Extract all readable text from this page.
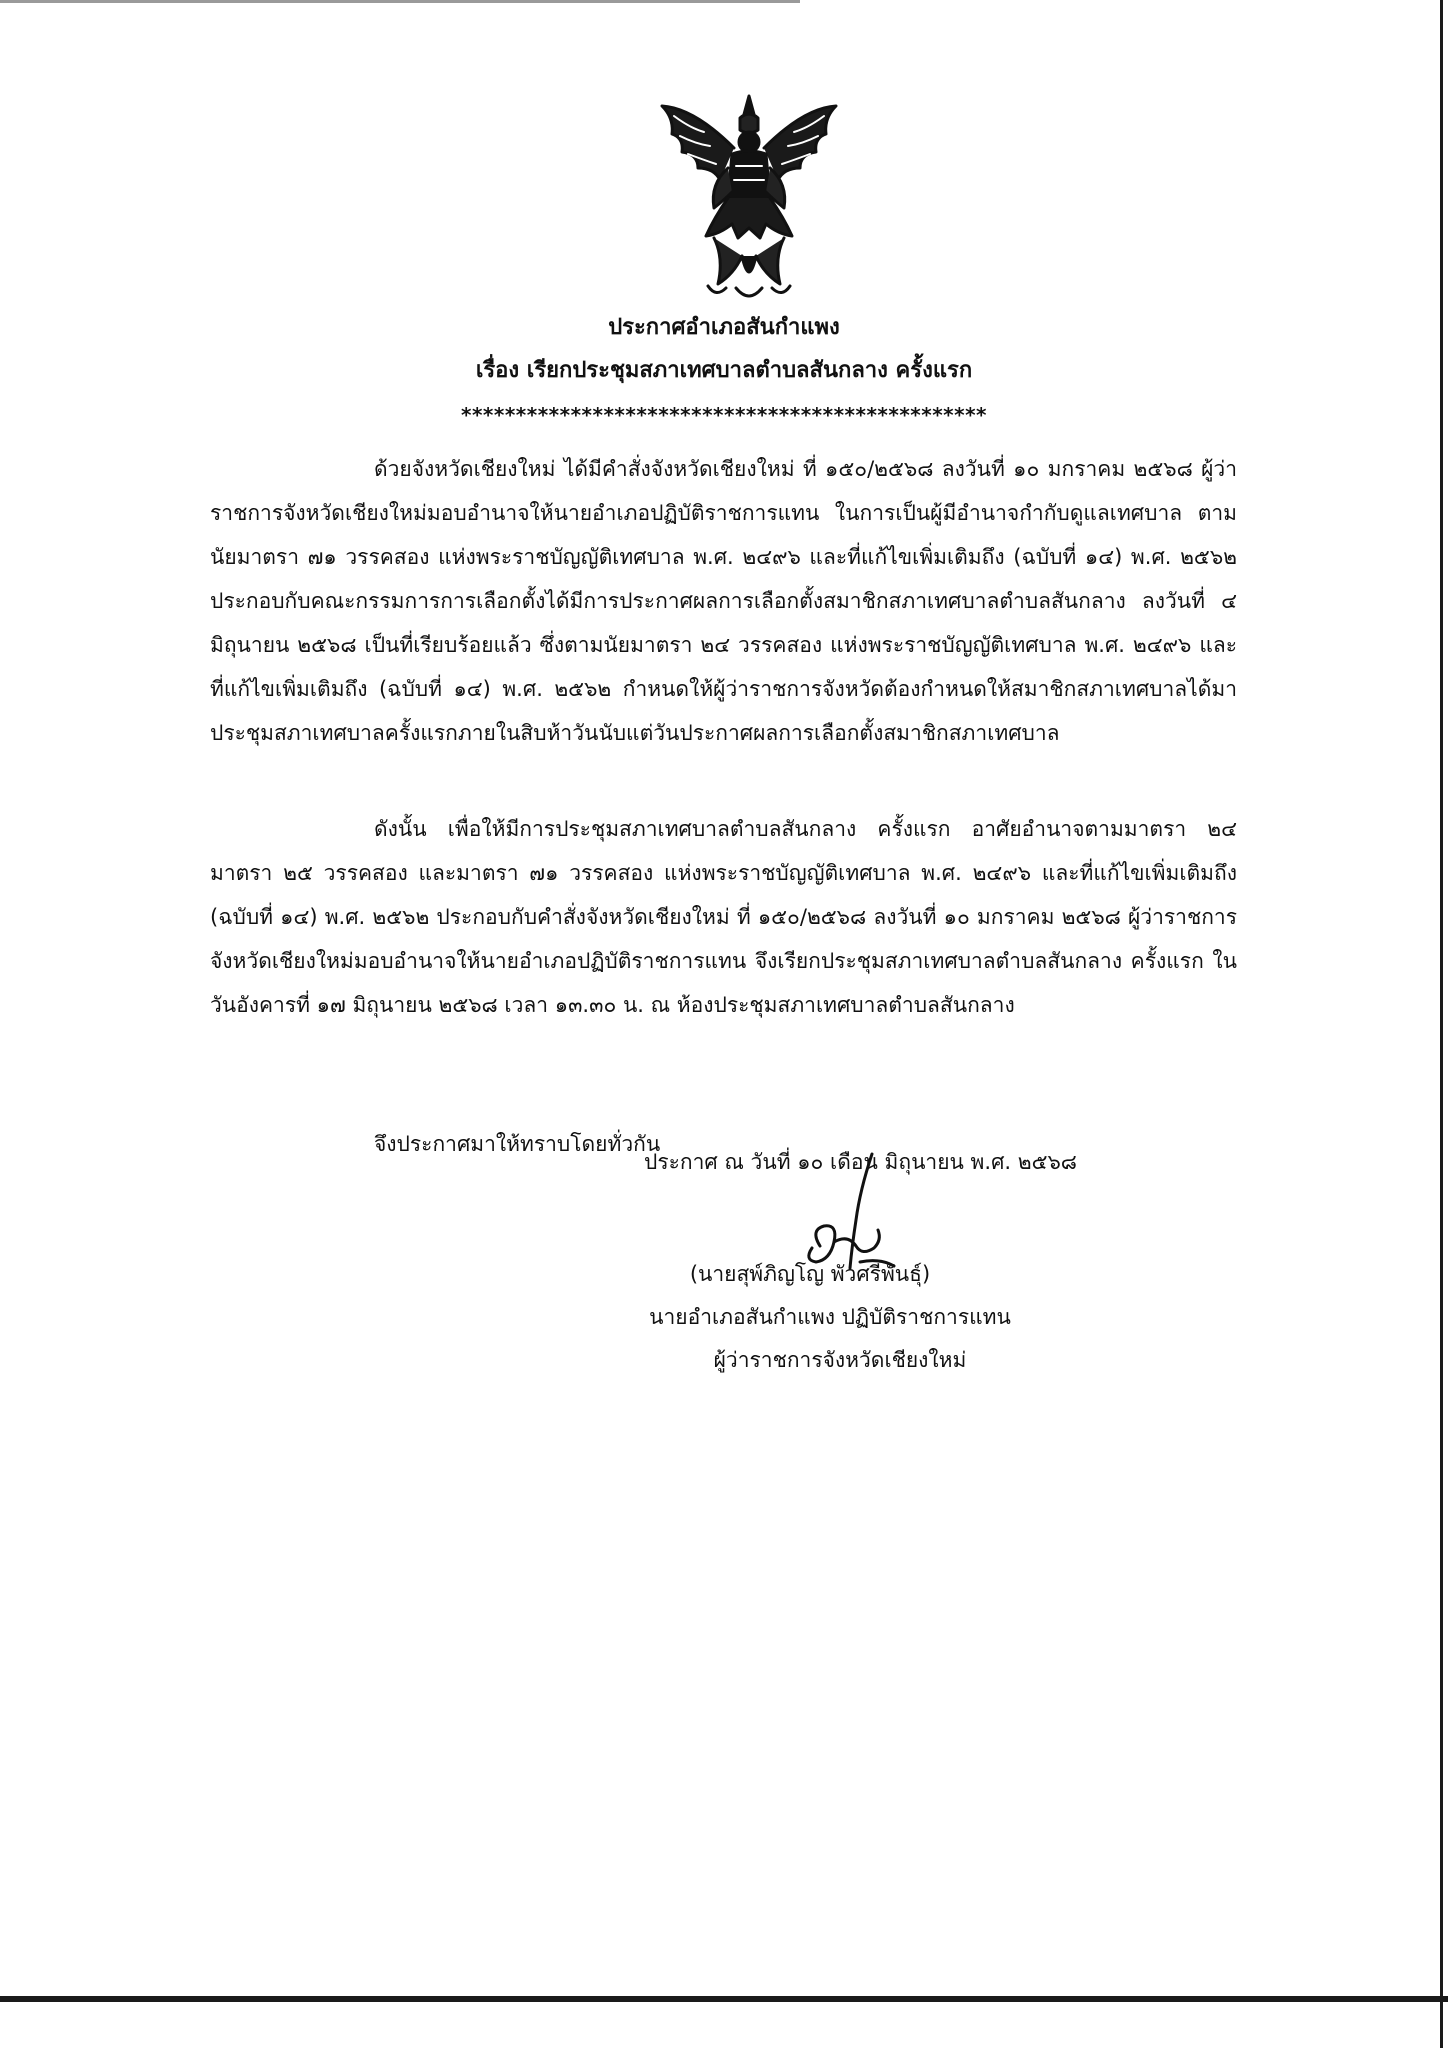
ประกาศอำเภอสันกำแพง
เรื่อง เรียกประชุมสภาเทศบาลตำบลสันกลาง ครั้งแรก
************************************************

ด้วยจังหวัดเชียงใหม่ ได้มีคำสั่งจังหวัดเชียงใหม่ ที่ ๑๕๐/๒๕๖๘ ลงวันที่ ๑๐ มกราคม ๒๕๖๘ ผู้ว่าราชการจังหวัดเชียงใหม่มอบอำนาจให้นายอำเภอปฏิบัติราชการแทน ในการเป็นผู้มีอำนาจกำกับดูแลเทศบาล ตามนัยมาตรา ๗๑ วรรคสอง แห่งพระราชบัญญัติเทศบาล พ.ศ. ๒๔๙๖ และที่แก้ไขเพิ่มเติมถึง (ฉบับที่ ๑๔) พ.ศ. ๒๕๖๒ ประกอบกับคณะกรรมการการเลือกตั้งได้มีการประกาศผลการเลือกตั้งสมาชิกสภาเทศบาลตำบลสันกลาง ลงวันที่ ๔ มิถุนายน ๒๕๖๘ เป็นที่เรียบร้อยแล้ว ซึ่งตามนัยมาตรา ๒๔ วรรคสอง แห่งพระราชบัญญัติเทศบาล พ.ศ. ๒๔๙๖ และที่แก้ไขเพิ่มเติมถึง (ฉบับที่ ๑๔) พ.ศ. ๒๕๖๒ กำหนดให้ผู้ว่าราชการจังหวัดต้องกำหนดให้สมาชิกสภาเทศบาลได้มาประชุมสภาเทศบาลครั้งแรกภายในสิบห้าวันนับแต่วันประกาศผลการเลือกตั้งสมาชิกสภาเทศบาล

ดังนั้น เพื่อให้มีการประชุมสภาเทศบาลตำบลสันกลาง ครั้งแรก อาศัยอำนาจตามมาตรา ๒๔ มาตรา ๒๕ วรรคสอง และมาตรา ๗๑ วรรคสอง แห่งพระราชบัญญัติเทศบาล พ.ศ. ๒๔๙๖ และที่แก้ไขเพิ่มเติมถึง (ฉบับที่ ๑๔) พ.ศ. ๒๕๖๒ ประกอบกับคำสั่งจังหวัดเชียงใหม่ ที่ ๑๕๐/๒๕๖๘ ลงวันที่ ๑๐ มกราคม ๒๕๖๘ ผู้ว่าราชการจังหวัดเชียงใหม่มอบอำนาจให้นายอำเภอปฏิบัติราชการแทน จึงเรียกประชุมสภาเทศบาลตำบลสันกลาง ครั้งแรก ในวันอังคารที่ ๑๗ มิถุนายน ๒๕๖๘ เวลา ๑๓.๓๐ น. ณ ห้องประชุมสภาเทศบาลตำบลสันกลาง

จึงประกาศมาให้ทราบโดยทั่วกัน
ประกาศ ณ วันที่ ๑๐ เดือน มิถุนายน พ.ศ. ๒๕๖๘
(นายสุพ์ภิญโญ พัวศรีพันธุ์)
นายอำเภอสันกำแพง ปฏิบัติราชการแทน
ผู้ว่าราชการจังหวัดเชียงใหม่
